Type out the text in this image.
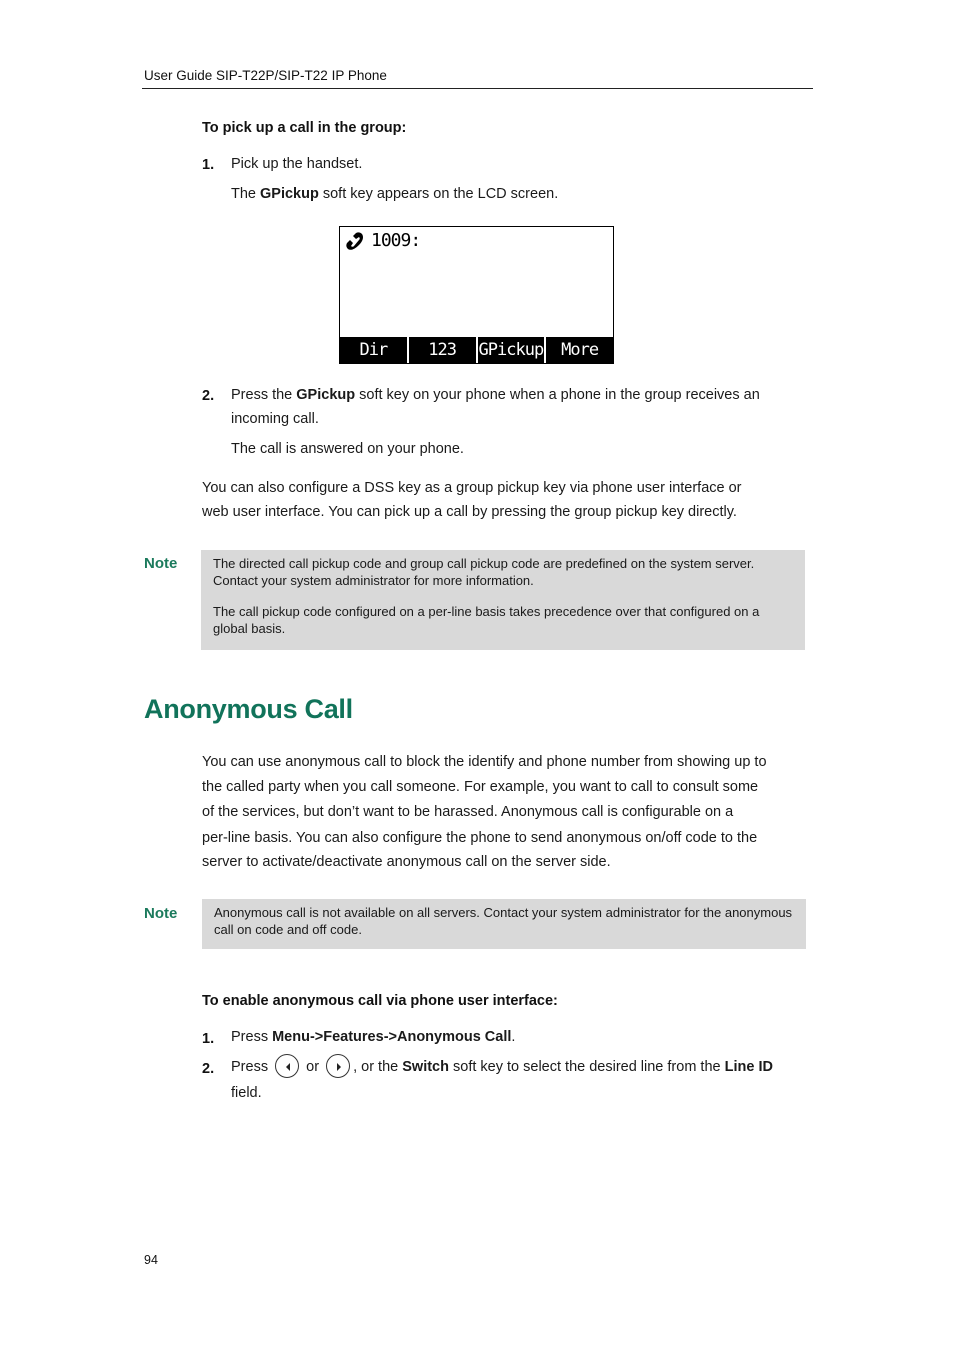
User Guide SIP-T22P/SIP-T22 IP Phone
To pick up a call in the group:
1. Pick up the handset.
The GPickup soft key appears on the LCD screen.
1009:
Dir	123	GPickup	More
2. Press the GPickup soft key on your phone when a phone in the group receives an
incoming call.
The call is answered on your phone.
You can also configure a DSS key as a group pickup key via phone user interface or
web user interface. You can pick up a call by pressing the group pickup key directly.
Note	The directed call pickup code and group call pickup code are predefined on the system server. Contact your system administrator for more information.

The call pickup code configured on a per-line basis takes precedence over that configured on a global basis.

Anonymous Call
You can use anonymous call to block the identify and phone number from showing up to
the called party when you call someone. For example, you want to call to consult some
of the services, but don’t want to be harassed. Anonymous call is configurable on a
per-line basis. You can also configure the phone to send anonymous on/off code to the
server to activate/deactivate anonymous call on the server side.
Note	Anonymous call is not available on all servers. Contact your system administrator for the anonymous call on code and off code.

To enable anonymous call via phone user interface:
1. Press Menu->Features->Anonymous Call.
2. Press	or , or the Switch soft key to select the desired line from the Line ID
field.
94
